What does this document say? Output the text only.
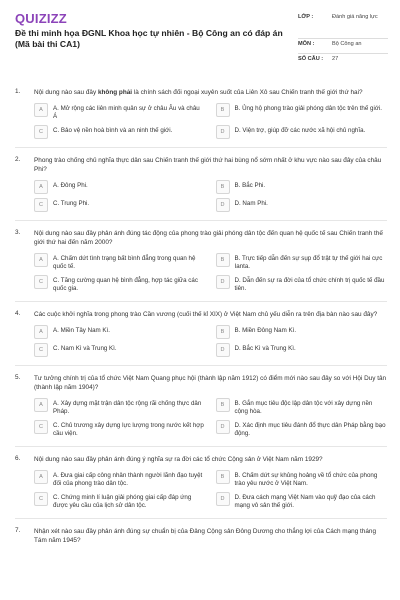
QUIZIZZ
Đề thi minh họa ĐGNL Khoa học tự nhiên - Bộ Công an có đáp án (Mã bài thi CA1)
LỚP :	Đánh giá năng lực
MÔN :	Bộ Công an
SỐ CÂU :	27
1. Nội dung nào sau đây không phải là chính sách đối ngoại xuyên suốt của Liên Xô sau Chiến tranh thế giới thứ hai?
A	A. Mở rộng các liên minh quân sự ở châu Âu và châu Á
B	B. Ủng hộ phong trào giải phóng dân tộc trên thế giới.
C	C. Bảo vệ nền hoà bình và an ninh thế giới.	D	D. Viện trợ, giúp đỡ các nước xã hội chủ nghĩa.
2. Phong trào chống chủ nghĩa thực dân sau Chiến tranh thế giới thứ hai bùng nổ sớm nhất ở khu vực nào sau đây của châu Phi?
A	A. Đông Phi.	B	B. Bắc Phi.
C	C. Trung Phi.	D	D. Nam Phi.
3. Nội dung nào sau đây phản ánh đúng tác động của phong trào giải phóng dân tộc đến quan hệ quốc tế sau Chiến tranh thế giới thứ hai đến năm 2000?
A	A. Chấm dứt tình trạng bất bình đẳng trong quan hệ quốc tế.
B	B. Trực tiếp dẫn đến sự sụp đổ trật tự thế giới hai cực Ianta.
C	C. Tăng cường quan hệ bình đẳng, hợp tác giữa các quốc gia.
D	D. Dẫn đến sự ra đời của tổ chức chính trị quốc tế đầu tiên.
4. Các cuộc khởi nghĩa trong phong trào Cần vương (cuối thế kỉ XIX) ở Việt Nam chủ yếu diễn ra trên địa bàn nào sau đây?
A	A. Miền Tây Nam Kì.	B	B. Miền Đông Nam Kì.
C	C. Nam Kì và Trung Kì.	D	D. Bắc Kì và Trung Kì.
5. Tư tưởng chính trị của tổ chức Việt Nam Quang phục hội (thành lập năm 1912) có điểm mới nào sau đây so với Hội Duy tân (thành lập năm 1904)?
A	A. Xây dựng mặt trận dân tộc rộng rãi chống thực dân Pháp.
B	B. Gắn mục tiêu độc lập dân tộc với xây dựng nền cộng hòa.
C	C. Chủ trương xây dựng lực lượng trong nước kết hợp cầu viện.
D	D. Xác định mục tiêu đánh đổ thực dân Pháp bằng bạo động.
6. Nội dung nào sau đây phản ánh đúng ý nghĩa sự ra đời các tổ chức Cộng sản ở Việt Nam năm 1929?
A	A. Đưa giai cấp công nhân thành người lãnh đạo tuyệt đối của phong trào dân tộc.
B	B. Chấm dứt sự khủng hoảng về tổ chức của phong trào yêu nước ở Việt Nam.
C	C. Chứng minh lí luận giải phóng giai cấp đáp ứng được yêu cầu của lịch sử dân tộc.
D	D. Đưa cách mạng Việt Nam vào quỹ đạo của cách mạng vô sản thế giới.
7. Nhận xét nào sau đây phản ánh đúng sự chuẩn bị của Đảng Cộng sản Đông Dương cho thắng lợi của Cách mạng tháng Tám năm 1945?
